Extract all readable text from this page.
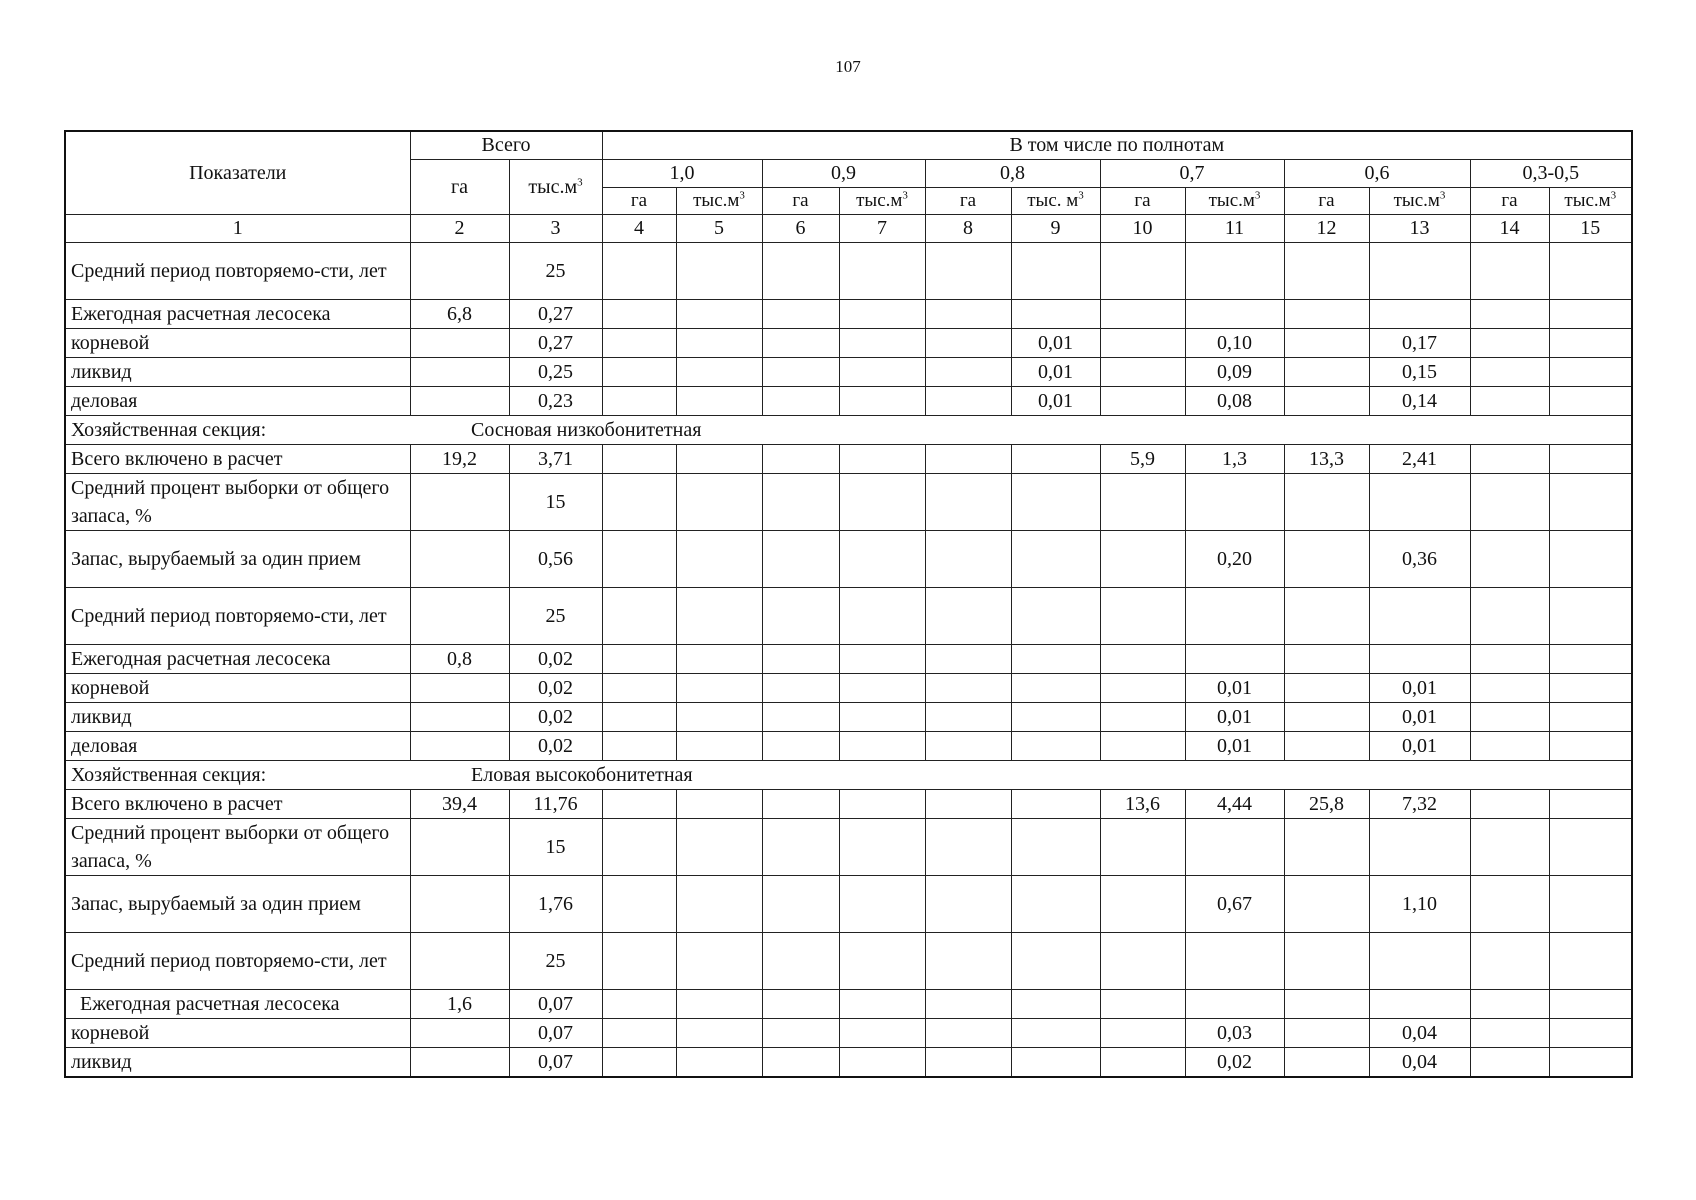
107
Показатели	Всего		В том числе по полнотам											
	га	$тыс.м^3$	1,0		0,9		0,8		0,7		0,6		0,3-0,5	
			га	$тыс.м^3$	га	$тыс.м^3$	га	тыс. $м^3$	га	$тыс.м^3$	га	$тыс.м^3$	га	$тыс.м^3$
1	2	3	4	5	6	7	8	9	10	11	12	13	14	15
Средний период повторяемо-сти, лет		25												
Ежегодная расчетная лесосека	6,8	0,27												
корневой		0,27						0,01		0,10		0,17		
ликвид		0,25						0,01		0,09		0,15		
деловая		0,23						0,01		0,08		0,14		
Хозяйственная секция: Сосновая низкобонитетная														
Всего включено в расчет	19,2	3,71							5,9	1,3	13,3	2,41		
Средний процент выборки от общего запаса, %		15												
Запас, вырубаемый за один прием		0,56								0,20		0,36		
Средний период повторяемо-сти, лет		25												
Ежегодная расчетная лесосека	0,8	0,02												
корневой		0,02								0,01		0,01		
ликвид		0,02								0,01		0,01		
деловая		0,02								0,01		0,01		
Хозяйственная секция: Еловая высокобонитетная														
Всего включено в расчет	39,4	11,76							13,6	4,44	25,8	7,32		
Средний процент выборки от общего запаса, %		15												
Запас, вырубаемый за один прием		1,76								0,67		1,10		
Средний период повторяемо-сти, лет		25												
Ежегодная расчетная лесосека	1,6	0,07												
корневой		0,07								0,03		0,04		
ликвид		0,07								0,02		0,04		
